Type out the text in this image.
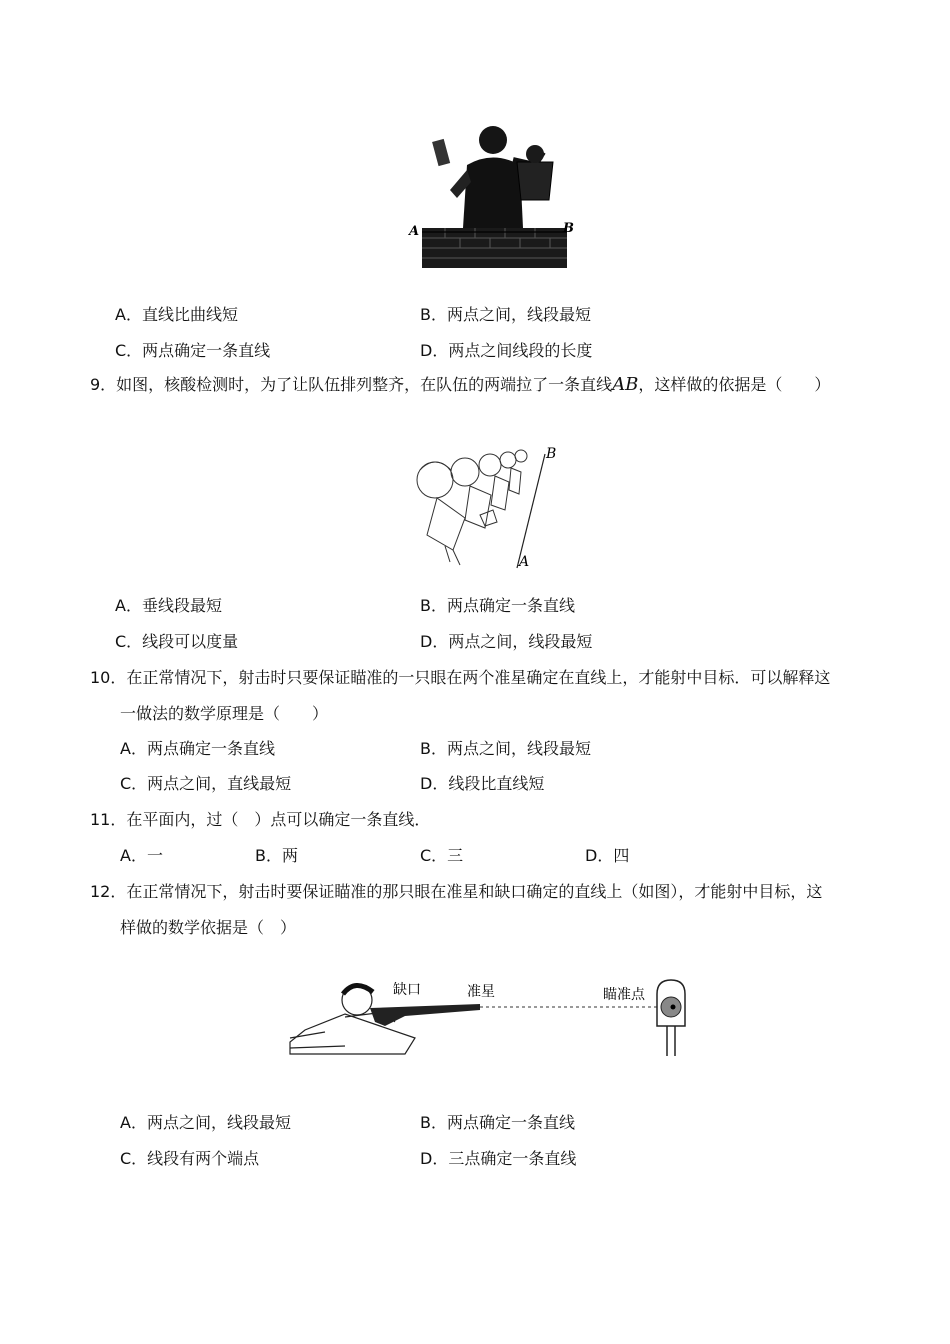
A	B
A．直线比曲线短	B．两点之间，线段最短
C．两点确定一条直线	D．两点之间线段的长度
9．如图，核酸检测时，为了让队伍排列整齐，在队伍的两端拉了一条直线AB，这样做的依据是（　　）
B
A
A．垂线段最短	B．两点确定一条直线
C．线段可以度量	D．两点之间，线段最短
10．在正常情况下，射击时只要保证瞄准的一只眼在两个准星确定在直线上，才能射中目标．可以解释这
一做法的数学原理是（　　）
A．两点确定一条直线	B．两点之间，线段最短
C．两点之间，直线最短	D．线段比直线短
11．在平面内，过（　）点可以确定一条直线．
A．一	B．两	C．三	D．四
12．在正常情况下，射击时要保证瞄准的那只眼在准星和缺口确定的直线上（如图），才能射中目标，这
样做的数学依据是（　）
缺口	准星	瞄准点
A．两点之间，线段最短	B．两点确定一条直线
C．线段有两个端点	D．三点确定一条直线
